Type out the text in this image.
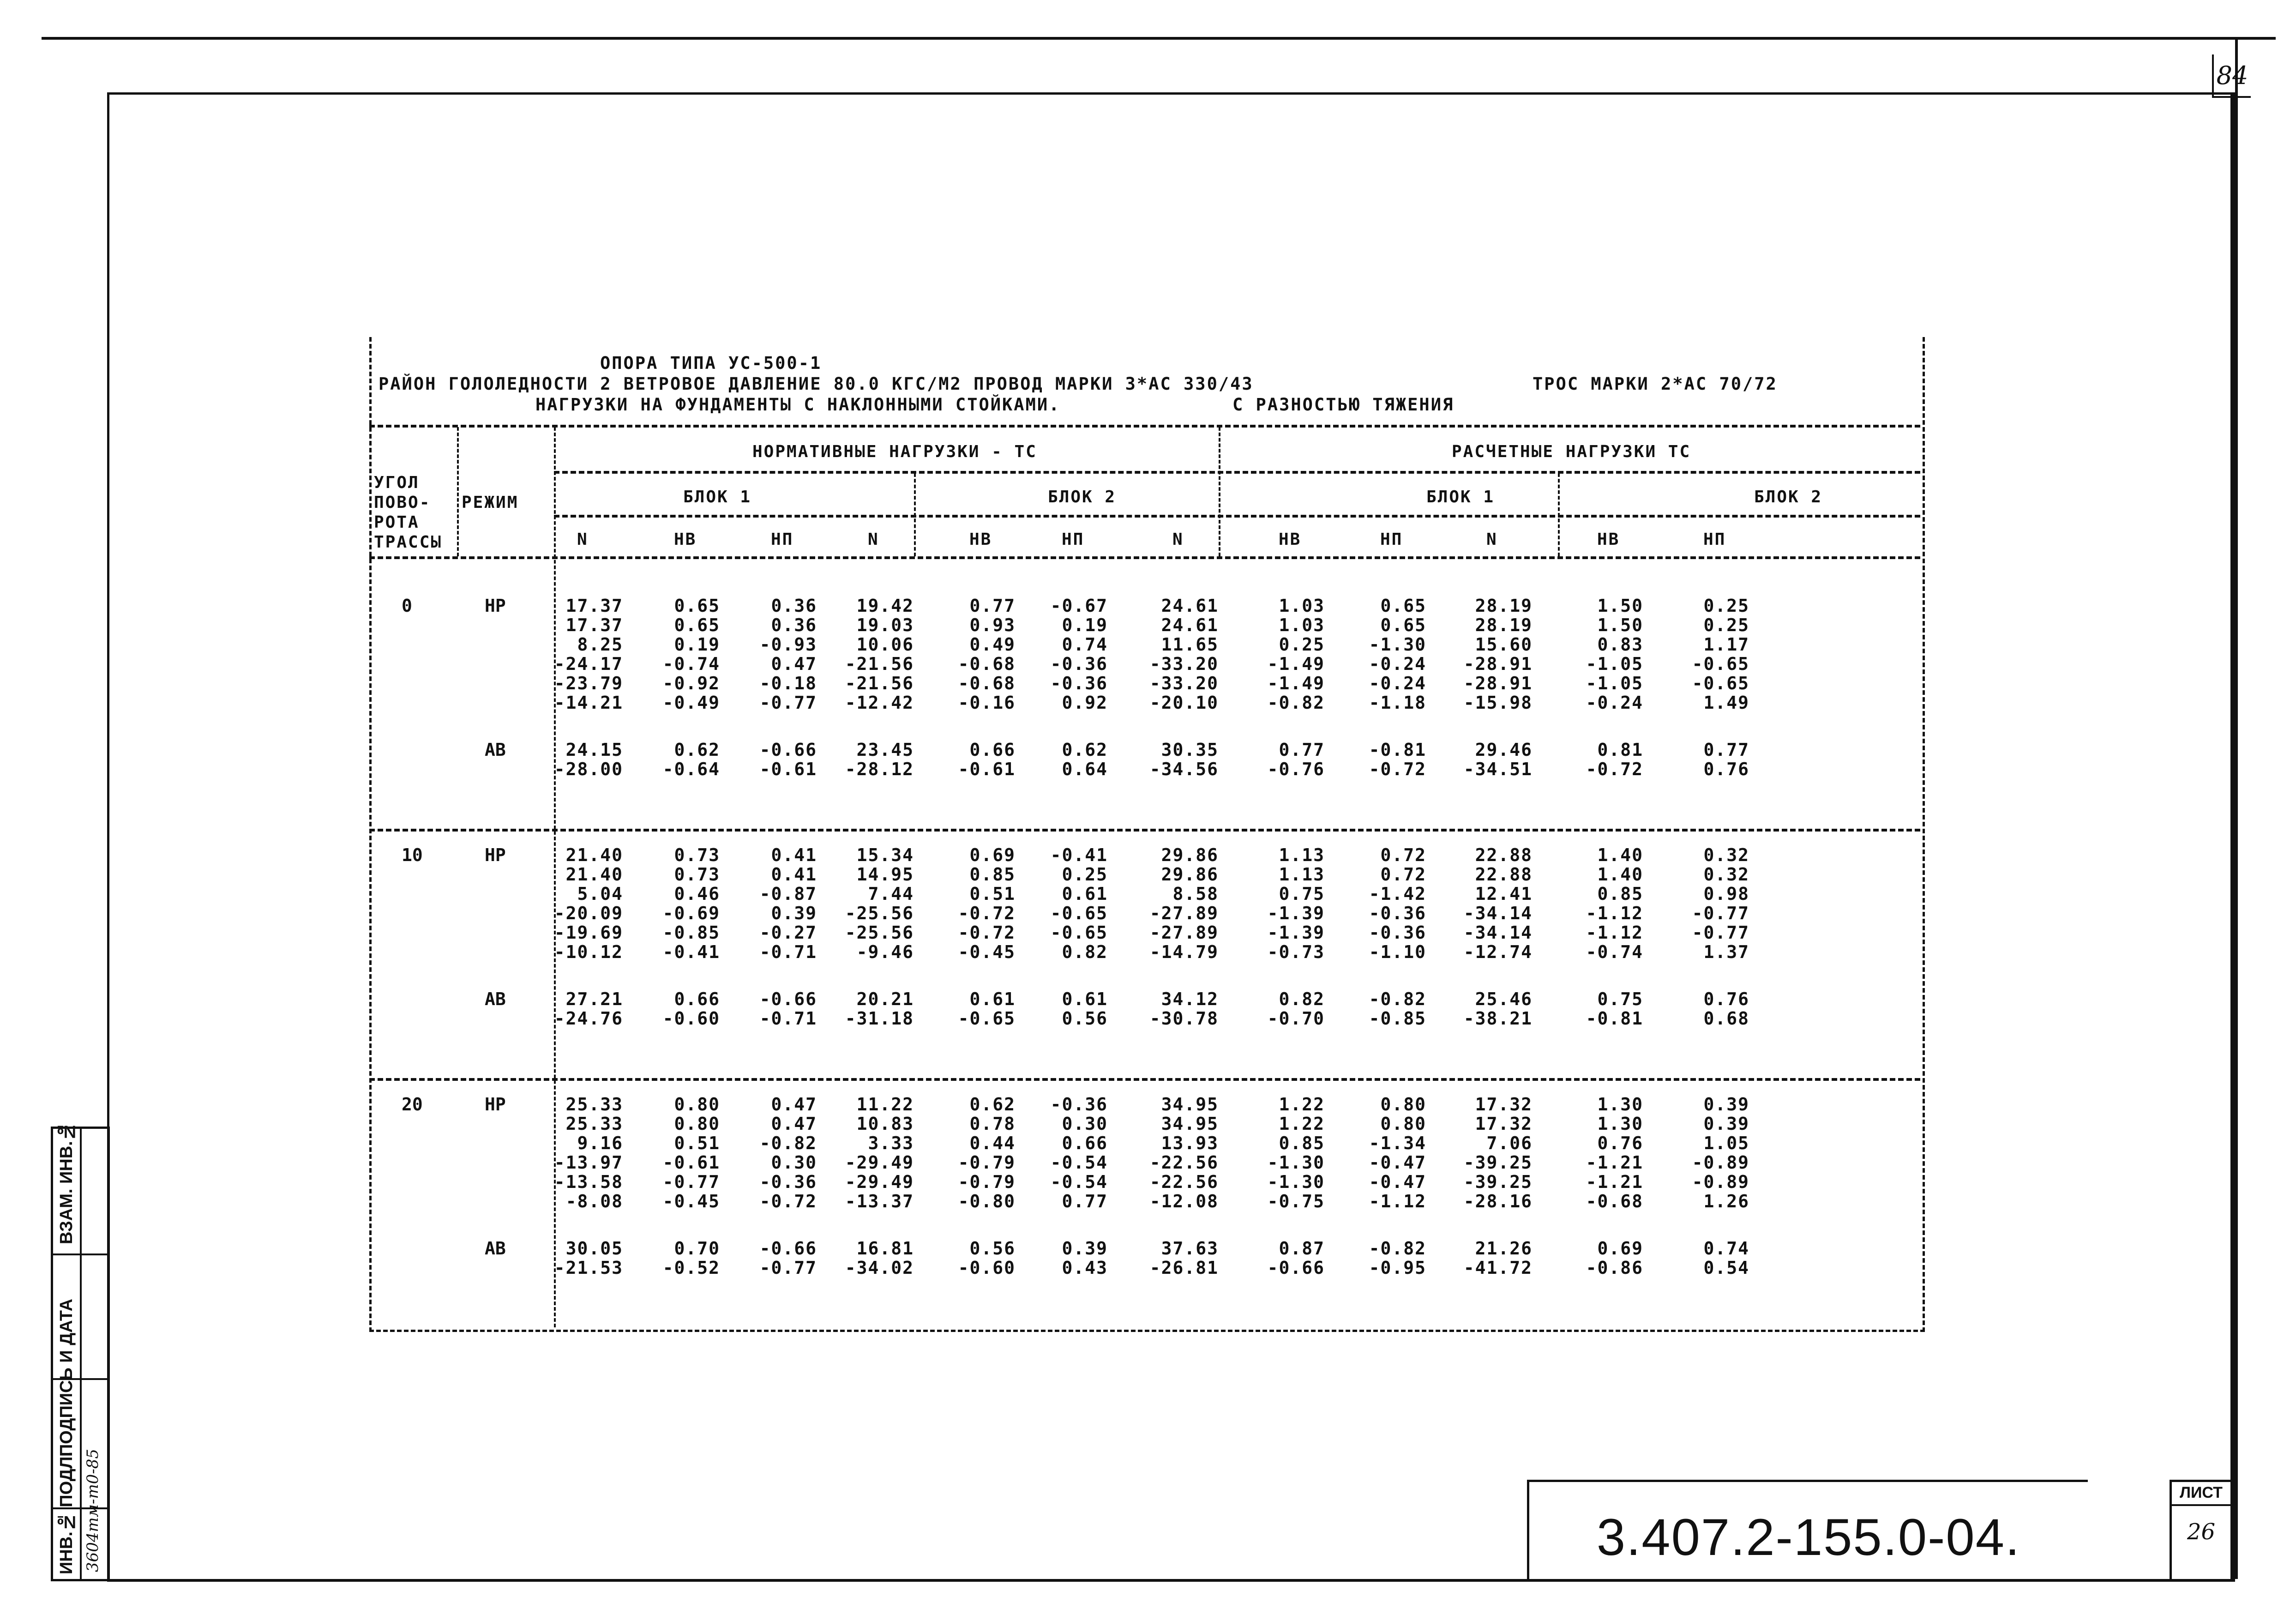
84
ВЗАМ. ИНВ.№
ПОДПИСЬ И ДАТА
ИНВ.№ ПОДЛ. 3604тм-т0-85	3.407.2-155.0-04.
ЛИСТ
26
ОПОРА ТИПА УС-500-1
РАЙОН ГОЛОЛЕДНОСТИ 2 ВЕТРОВОЕ ДАВЛЕНИЕ 80.0 КГС/М2 ПРОВОД МАРКИ 3*АС 330/43	ТРОС МАРКИ 2*АС 70/72
НАГРУЗКИ НА ФУНДАМЕНТЫ С НАКЛОННЫМИ СТОЙКАМИ.	С РАЗНОСТЬЮ ТЯЖЕНИЯ
НОРМАТИВНЫЕ НАГРУЗКИ - ТС	РАСЧЕТНЫЕ НАГРУЗКИ ТС
БЛОК 1	БЛОК 2	БЛОК 1	БЛОК 2
УГОЛ
ПОВО-
РОТА
ТРАССЫ
РЕЖИМ
N	НВ	НП	N	НВ	НП	N	НВ	НП	N	НВ	НП
0	НР	17.37	0.65	0.36	19.42	0.77	-0.67	24.61	1.03	0.65	28.19	1.50	0.25
17.37	0.65	0.36	19.03	0.93	0.19	24.61	1.03	0.65	28.19	1.50	0.25
8.25	0.19	-0.93	10.06	0.49	0.74	11.65	0.25	-1.30	15.60	0.83	1.17
-24.17	-0.74	0.47	-21.56	-0.68	-0.36	-33.20	-1.49	-0.24	-28.91	-1.05	-0.65
-23.79	-0.92	-0.18	-21.56	-0.68	-0.36	-33.20	-1.49	-0.24	-28.91	-1.05	-0.65
-14.21	-0.49	-0.77	-12.42	-0.16	0.92	-20.10	-0.82	-1.18	-15.98	-0.24	1.49
АВ	24.15	0.62	-0.66	23.45	0.66	0.62	30.35	0.77	-0.81	29.46	0.81	0.77
-28.00	-0.64	-0.61	-28.12	-0.61	0.64	-34.56	-0.76	-0.72	-34.51	-0.72	0.76
10	НР	21.40	0.73	0.41	15.34	0.69	-0.41	29.86	1.13	0.72	22.88	1.40	0.32
21.40	0.73	0.41	14.95	0.85	0.25	29.86	1.13	0.72	22.88	1.40	0.32
5.04	0.46	-0.87	7.44	0.51	0.61	8.58	0.75	-1.42	12.41	0.85	0.98
-20.09	-0.69	0.39	-25.56	-0.72	-0.65	-27.89	-1.39	-0.36	-34.14	-1.12	-0.77
-19.69	-0.85	-0.27	-25.56	-0.72	-0.65	-27.89	-1.39	-0.36	-34.14	-1.12	-0.77
-10.12	-0.41	-0.71	-9.46	-0.45	0.82	-14.79	-0.73	-1.10	-12.74	-0.74	1.37
АВ	27.21	0.66	-0.66	20.21	0.61	0.61	34.12	0.82	-0.82	25.46	0.75	0.76
-24.76	-0.60	-0.71	-31.18	-0.65	0.56	-30.78	-0.70	-0.85	-38.21	-0.81	0.68
20	НР	25.33	0.80	0.47	11.22	0.62	-0.36	34.95	1.22	0.80	17.32	1.30	0.39
25.33	0.80	0.47	10.83	0.78	0.30	34.95	1.22	0.80	17.32	1.30	0.39
9.16	0.51	-0.82	3.33	0.44	0.66	13.93	0.85	-1.34	7.06	0.76	1.05
-13.97	-0.61	0.30	-29.49	-0.79	-0.54	-22.56	-1.30	-0.47	-39.25	-1.21	-0.89
-13.58	-0.77	-0.36	-29.49	-0.79	-0.54	-22.56	-1.30	-0.47	-39.25	-1.21	-0.89
-8.08	-0.45	-0.72	-13.37	-0.80	0.77	-12.08	-0.75	-1.12	-28.16	-0.68	1.26
АВ	30.05	0.70	-0.66	16.81	0.56	0.39	37.63	0.87	-0.82	21.26	0.69	0.74
-21.53	-0.52	-0.77	-34.02	-0.60	0.43	-26.81	-0.66	-0.95	-41.72	-0.86	0.54
